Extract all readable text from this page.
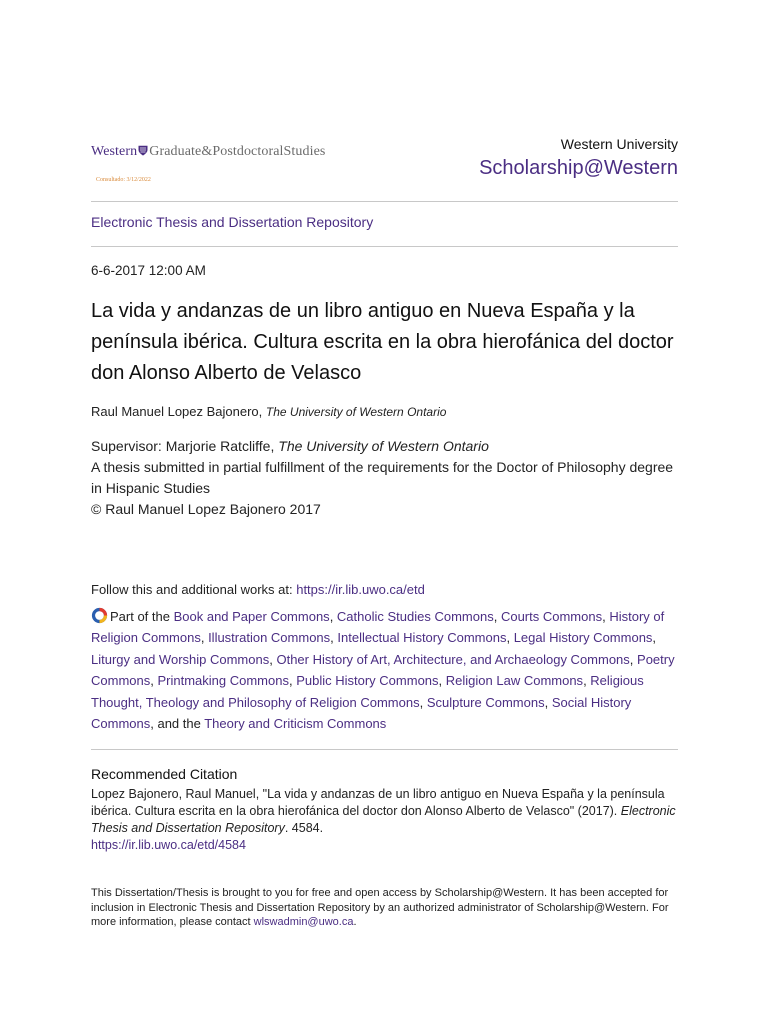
Western Graduate&PostdoctoralStudies
Consultado: 3/12/2022
Western University
Scholarship@Western
Electronic Thesis and Dissertation Repository
6-6-2017 12:00 AM
La vida y andanzas de un libro antiguo en Nueva España y la península ibérica. Cultura escrita en la obra hierofánica del doctor don Alonso Alberto de Velasco
Raul Manuel Lopez Bajonero, The University of Western Ontario
Supervisor: Marjorie Ratcliffe, The University of Western Ontario
A thesis submitted in partial fulfillment of the requirements for the Doctor of Philosophy degree in Hispanic Studies
© Raul Manuel Lopez Bajonero 2017
Follow this and additional works at: https://ir.lib.uwo.ca/etd
Part of the Book and Paper Commons, Catholic Studies Commons, Courts Commons, History of Religion Commons, Illustration Commons, Intellectual History Commons, Legal History Commons, Liturgy and Worship Commons, Other History of Art, Architecture, and Archaeology Commons, Poetry Commons, Printmaking Commons, Public History Commons, Religion Law Commons, Religious Thought, Theology and Philosophy of Religion Commons, Sculpture Commons, Social History Commons, and the Theory and Criticism Commons
Recommended Citation
Lopez Bajonero, Raul Manuel, "La vida y andanzas de un libro antiguo en Nueva España y la península ibérica. Cultura escrita en la obra hierofánica del doctor don Alonso Alberto de Velasco" (2017). Electronic Thesis and Dissertation Repository. 4584.
https://ir.lib.uwo.ca/etd/4584
This Dissertation/Thesis is brought to you for free and open access by Scholarship@Western. It has been accepted for inclusion in Electronic Thesis and Dissertation Repository by an authorized administrator of Scholarship@Western. For more information, please contact wlswadmin@uwo.ca.
